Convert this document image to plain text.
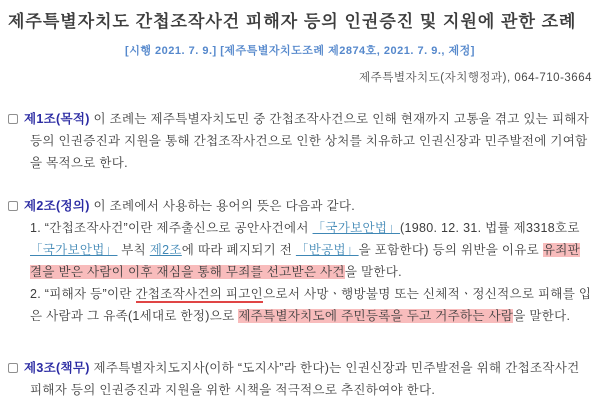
제주특별자치도 간첩조작사건 피해자 등의 인권증진 및 지원에 관한 조례
[시행 2021. 7. 9.] [제주특별자치도조례 제2874호, 2021. 7. 9., 제정]
제주특별자치도(자치행정과), 064-710-3664
제1조(목적) 이 조례는 제주특별자치도민 중 간첩조작사건으로 인해 현재까지 고통을 겪고 있는 피해자 등의 인권증진과 지원을 통해 간첩조작사건으로 인한 상처를 치유하고 인권신장과 민주발전에 기여함을 목적으로 한다.
제2조(정의) 이 조례에서 사용하는 용어의 뜻은 다음과 같다.
1. “간첩조작사건”이란 제주출신으로 공안사건에서 「국가보안법」(1980. 12. 31. 법률 제3318호로 「국가보안법」 부칙 제2조에 따라 폐지되기 전 「반공법」을 포함한다) 등의 위반을 이유로 유죄판결을 받은 사람이 이후 재심을 통해 무죄를 선고받은 사건을 말한다.
2. “피해자 등”이란 간첩조작사건의 피고인으로서 사망ㆍ행방불명 또는 신체적ㆍ정신적으로 피해를 입은 사람과 그 유족(1세대로 한정)으로 제주특별자치도에 주민등록을 두고 거주하는 사람을 말한다.
제3조(책무) 제주특별자치도지사(이하 “도지사”라 한다)는 인권신장과 민주발전을 위해 간첩조작사건 피해자 등의 인권증진과 지원을 위한 시책을 적극적으로 추진하여야 한다.
